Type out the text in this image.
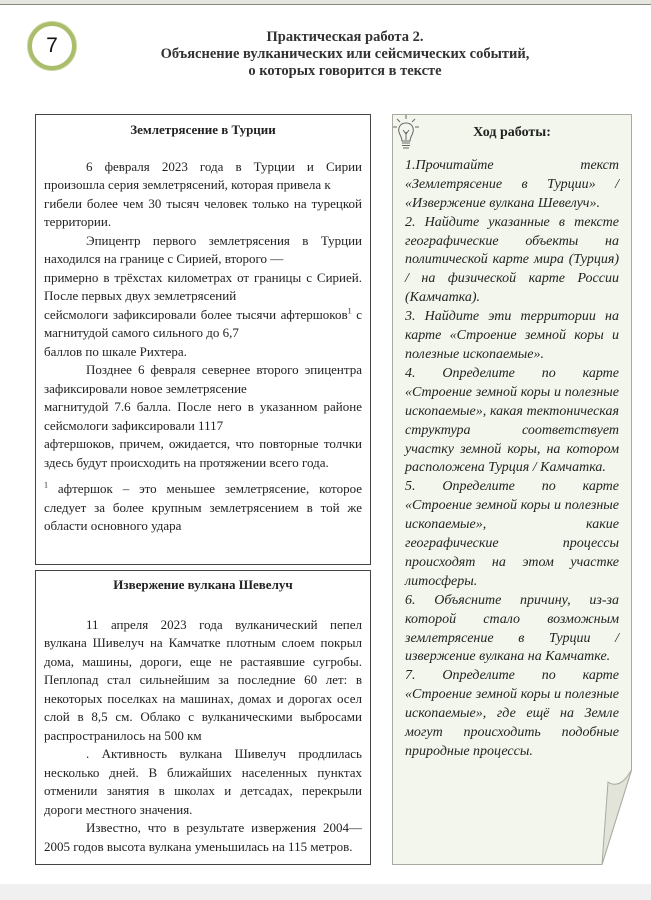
7	Практическая работа 2.
Объяснение вулканических или сейсмических событий,
о которых говорится в тексте
Землетрясение в Турции
6 февраля 2023 года в Турции и Сирии произошла серия землетрясений, которая привела к
гибели более чем 30 тысяч человек только на турецкой территории.
Эпицентр первого землетрясения в Турции находился на границе с Сирией, второго —
примерно в трёхстах километрах от границы с Сирией. После первых двух землетрясений
сейсмологи зафиксировали более тысячи афтершоков$^1$ с магнитудой самого сильного до 6,7
баллов по шкале Рихтера.
Позднее 6 февраля севернее второго эпицентра зафиксировали новое землетрясение
магнитудой 7.6 балла. После него в указанном районе сейсмологи зафиксировали 1117
афтершоков, причем, ожидается, что повторные толчки здесь будут происходить на протяжении всего года.
$^1$ афтершок – это меньшее землетрясение, которое следует за более крупным землетрясением в той же области основного удара
Извержение вулкана Шевелуч
11 апреля 2023 года вулканический пепел вулкана Шивелуч на Камчатке плотным слоем покрыл дома, машины, дороги, еще не растаявшие сугробы. Пеплопад стал сильнейшим за последние 60 лет: в некоторых поселках на машинах, домах и дорогах осел слой в 8,5 см. Облако с вулканическими выбросами распространилось на 500 км
. Активность вулкана Шивелуч продлилась несколько дней. В ближайших населенных пунктах отменили занятия в школах и детсадах, перекрыли дороги местного значения.
Известно, что в результате извержения 2004—2005 годов высота вулкана уменьшилась на 115 метров.
Ход работы:
1.Прочитайте текст «Землетрясение в Турции» / «Извержение вулкана Шевелуч».
2. Найдите указанные в тексте географические объекты на политической карте мира (Турция) / на физической карте России (Камчатка).
3. Найдите эти территории на карте «Строение земной коры и полезные ископаемые».
4. Определите по карте «Строение земной коры и полезные ископаемые», какая тектоническая структура соответствует участку земной коры, на котором расположена Турция / Камчатка.
5. Определите по карте «Строение земной коры и полезные ископаемые», какие географические процессы происходят на этом участке литосферы.
6. Объясните причину, из-за которой стало возможным землетрясение в Турции / извержение вулкана на Камчатке.
7. Определите по карте «Строение земной коры и полезные ископаемые», где ещё на Земле могут происходить подобные природные процессы.
